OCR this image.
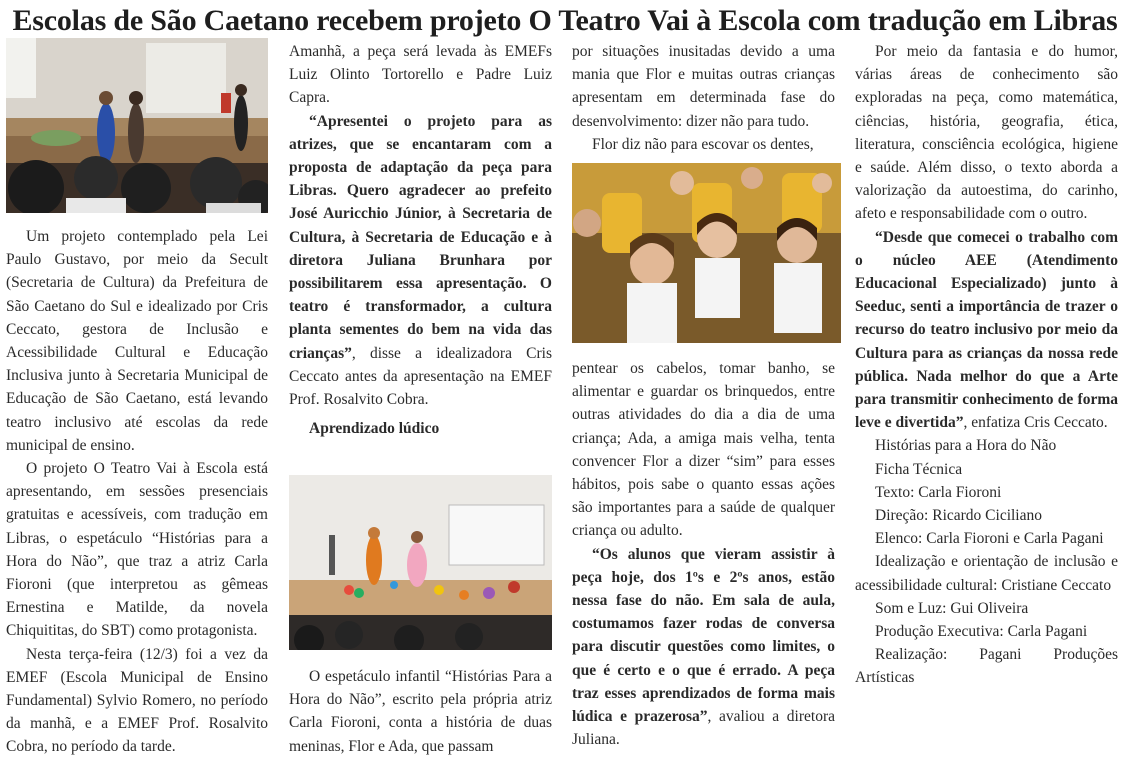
Escolas de São Caetano recebem projeto O Teatro Vai à Escola com tradução em Libras

Um projeto contemplado pela Lei Paulo Gustavo, por meio da Secult (Secretaria de Cultura) da Prefeitura de São Caetano do Sul e idealizado por Cris Ceccato, gestora de Inclusão e Acessibilidade Cultural e Educação Inclusiva junto à Secretaria Municipal de Educação de São Caetano, está levando teatro inclusivo até escolas da rede municipal de ensino.

O projeto O Teatro Vai à Escola está apresentando, em sessões presenciais gratuitas e acessíveis, com tradução em Libras, o espetáculo “Histórias para a Hora do Não”, que traz a atriz Carla Fioroni (que interpretou as gêmeas Ernestina e Matilde, da novela Chiquititas, do SBT) como protagonista.

Nesta terça-feira (12/3) foi a vez da EMEF (Escola Municipal de Ensino Fundamental) Sylvio Romero, no período da manhã, e a EMEF Prof. Rosalvito Cobra, no período da tarde.

Amanhã, a peça será levada às EMEFs Luiz Olinto Tortorello e Padre Luiz Capra.

“Apresentei o projeto para as atrizes, que se encantaram com a proposta de adaptação da peça para Libras. Quero agradecer ao prefeito José Auricchio Júnior, à Secretaria de Cultura, à Secretaria de Educação e à diretora Juliana Brunhara por possibilitarem essa apresentação. O teatro é transformador, a cultura planta sementes do bem na vida das crianças”, disse a idealizadora Cris Ceccato antes da apresentação na EMEF Prof. Rosalvito Cobra.

Aprendizado lúdico

O espetáculo infantil “Histórias Para a Hora do Não”, escrito pela própria atriz Carla Fioroni, conta a história de duas meninas, Flor e Ada, que passam

por situações inusitadas devido a uma mania que Flor e muitas outras crianças apresentam em determinada fase do desenvolvimento: dizer não para tudo.

Flor diz não para escovar os dentes,

pentear os cabelos, tomar banho, se alimentar e guardar os brinquedos, entre outras atividades do dia a dia de uma criança; Ada, a amiga mais velha, tenta convencer Flor a dizer “sim” para esses hábitos, pois sabe o quanto essas ações são importantes para a saúde de qualquer criança ou adulto.

“Os alunos que vieram assistir à peça hoje, dos 1ºs e 2ºs anos, estão nessa fase do não. Em sala de aula, costumamos fazer rodas de conversa para discutir questões como limites, o que é certo e o que é errado. A peça traz esses aprendizados de forma mais lúdica e prazerosa”, avaliou a diretora Juliana.

Por meio da fantasia e do humor, várias áreas de conhecimento são exploradas na peça, como matemática, ciências, história, geografia, ética, literatura, consciência ecológica, higiene e saúde. Além disso, o texto aborda a valorização da autoestima, do carinho, afeto e responsabilidade com o outro.

“Desde que comecei o trabalho com o núcleo AEE (Atendimento Educacional Especializado) junto à Seeduc, senti a importância de trazer o recurso do teatro inclusivo por meio da Cultura para as crianças da nossa rede pública. Nada melhor do que a Arte para transmitir conhecimento de forma leve e divertida”, enfatiza Cris Ceccato.

Histórias para a Hora do Não

Ficha Técnica

Texto: Carla Fioroni

Direção: Ricardo Ciciliano

Elenco: Carla Fioroni e Carla Pagani

Idealização e orientação de inclusão e acessibilidade cultural: Cristiane Ceccato

Som e Luz: Gui Oliveira

Produção Executiva: Carla Pagani

Realização: Pagani Produções Artísticas
